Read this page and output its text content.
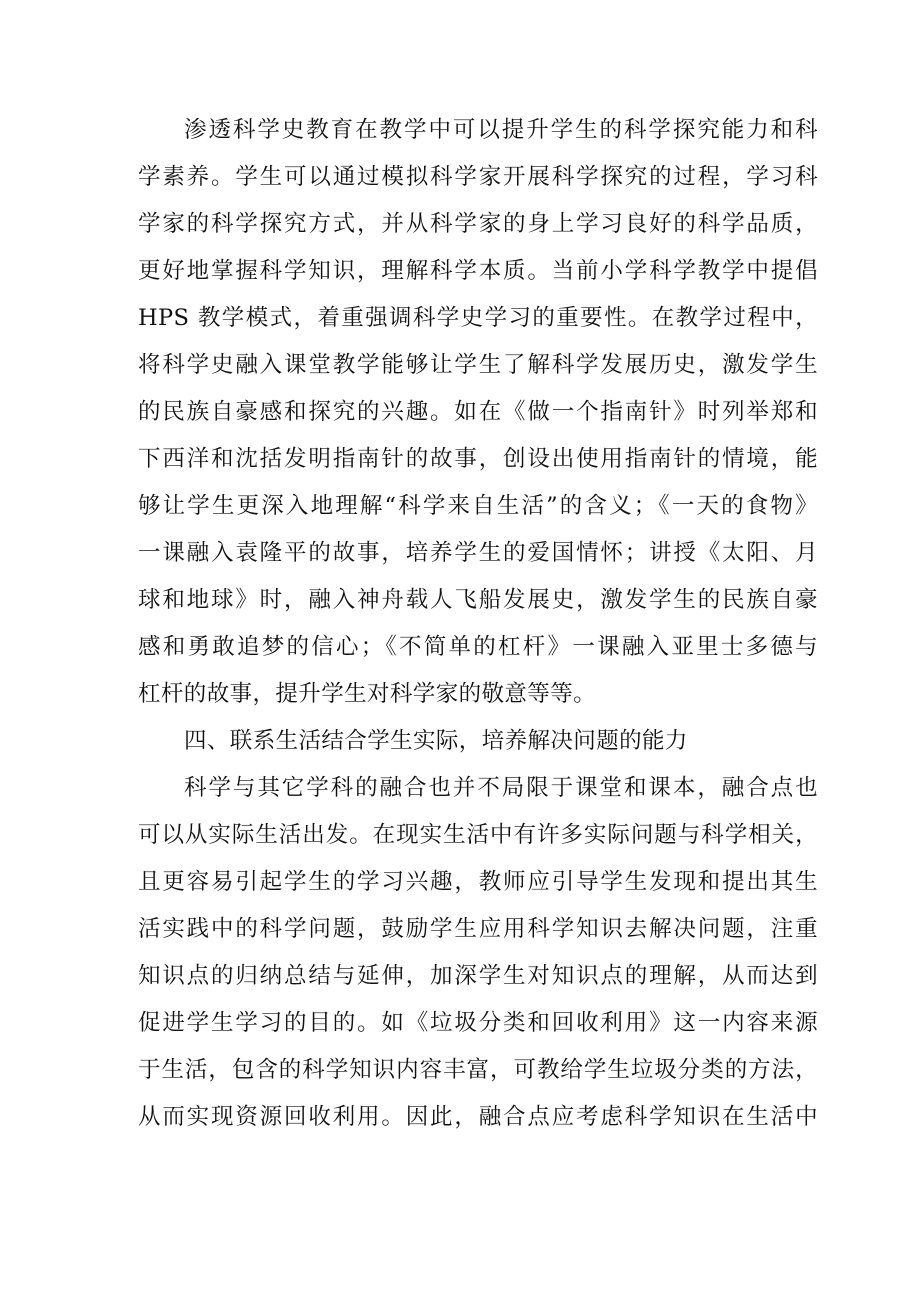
渗透科学史教育在教学中可以提升学生的科学探究能力和科
学素养。学生可以通过模拟科学家开展科学探究的过程，学习科
学家的科学探究方式，并从科学家的身上学习良好的科学品质，
更好地掌握科学知识，理解科学本质。当前小学科学教学中提倡
HPS 教学模式，着重强调科学史学习的重要性。在教学过程中，
将科学史融入课堂教学能够让学生了解科学发展历史，激发学生
的民族自豪感和探究的兴趣。如在《做一个指南针》时列举郑和
下西洋和沈括发明指南针的故事，创设出使用指南针的情境，能
够让学生更深入地理解“科学来自生活”的含义；《一天的食物》
一课融入袁隆平的故事，培养学生的爱国情怀；讲授《太阳、月
球和地球》时，融入神舟载人飞船发展史，激发学生的民族自豪
感和勇敢追梦的信心；《不简单的杠杆》一课融入亚里士多德与
杠杆的故事，提升学生对科学家的敬意等等。
四、联系生活结合学生实际，培养解决问题的能力
科学与其它学科的融合也并不局限于课堂和课本，融合点也
可以从实际生活出发。在现实生活中有许多实际问题与科学相关，
且更容易引起学生的学习兴趣，教师应引导学生发现和提出其生
活实践中的科学问题，鼓励学生应用科学知识去解决问题，注重
知识点的归纳总结与延伸，加深学生对知识点的理解，从而达到
促进学生学习的目的。如《垃圾分类和回收利用》这一内容来源
于生活，包含的科学知识内容丰富，可教给学生垃圾分类的方法，
从而实现资源回收利用。因此，融合点应考虑科学知识在生活中
